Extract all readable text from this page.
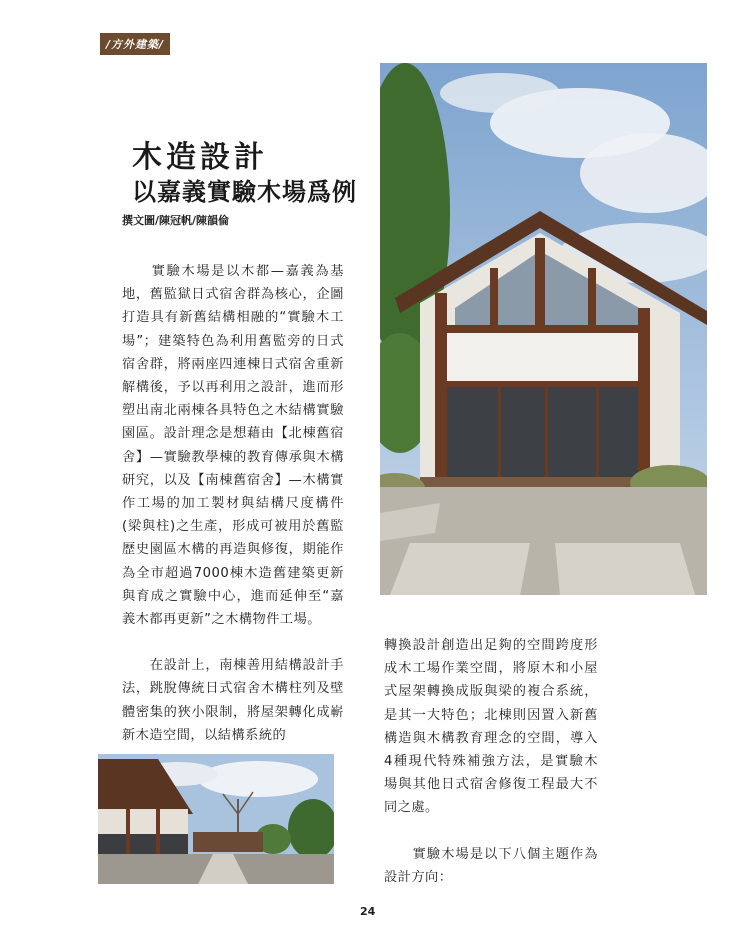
/方外建築/
木造設計
以嘉義實驗木場爲例
撰文圖/陳冠帆/陳韻倫

　　實驗木場是以木都—嘉義為基地，舊監獄日式宿舍群為核心，企圖打造具有新舊結構相融的“實驗木工場”；建築特色為利用舊監旁的日式宿舍群，將兩座四連棟日式宿舍重新解構後，予以再利用之設計，進而形塑出南北兩棟各具特色之木結構實驗園區。設計理念是想藉由【北棟舊宿舍】—實驗教學棟的教育傳承與木構研究，以及【南棟舊宿舍】—木構實作工場的加工製材與結構尺度構件(梁與柱)之生產，形成可被用於舊監歷史園區木構的再造與修復，期能作為全市超過7000棟木造舊建築更新與育成之實驗中心，進而延伸至“嘉義木都再更新”之木構物件工場。

　　在設計上，南棟善用結構設計手法，跳脫傳統日式宿舍木構柱列及壁體密集的狹小限制，將屋架轉化成嶄新木造空間，以結構系統的

轉換設計創造出足夠的空間跨度形成木工場作業空間，將原木和小屋式屋架轉換成版與梁的複合系統，是其一大特色；北棟則因置入新舊構造與木構教育理念的空間，導入4種現代特殊補強方法，是實驗木場與其他日式宿舍修復工程最大不同之處。

　　實驗木場是以下八個主題作為設計方向：

24
